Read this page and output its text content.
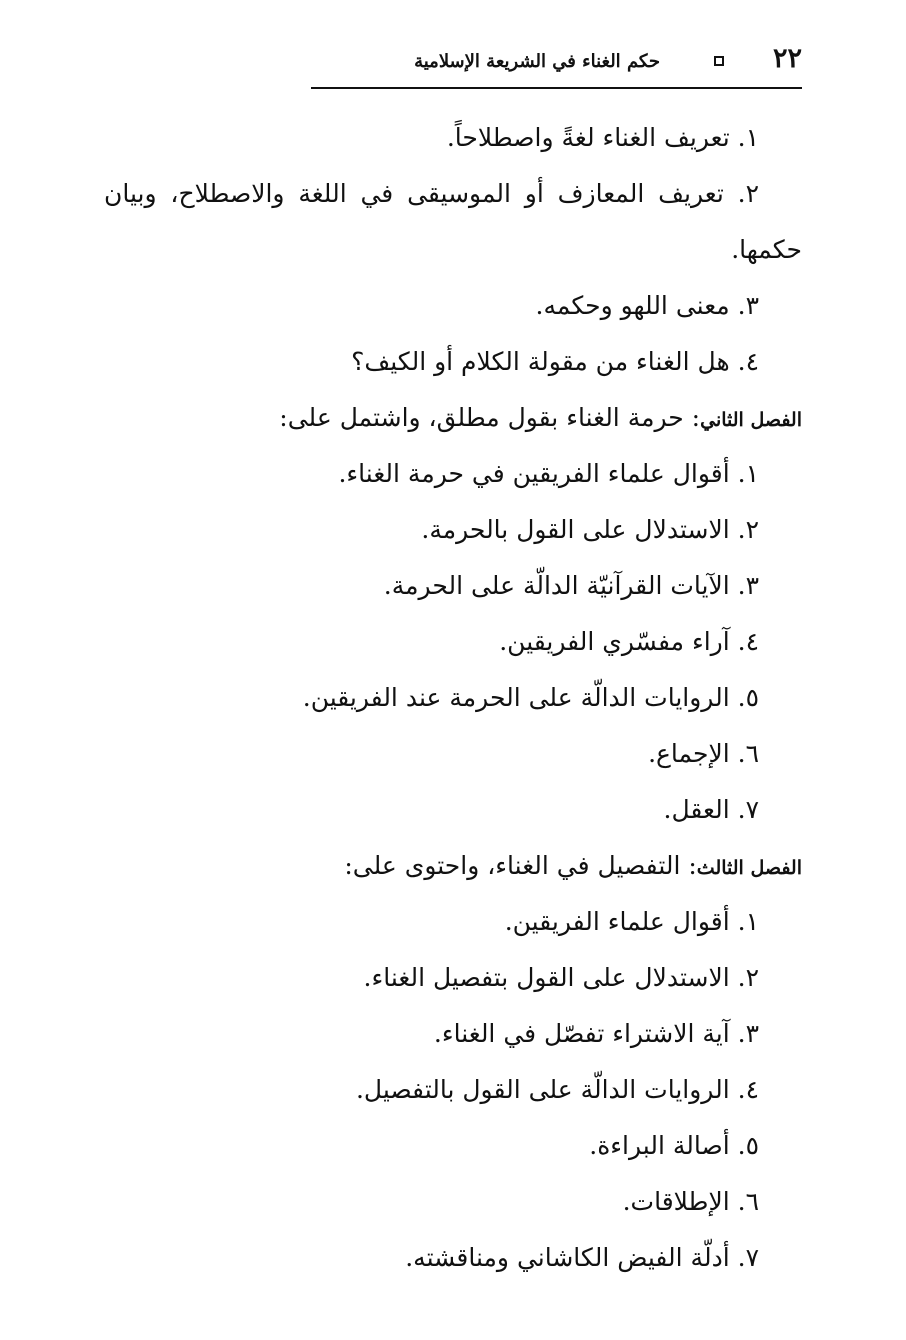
٢٢
حكم الغناء في الشريعة الإسلامية
١. تعريف الغناء لغةً واصطلاحاً.
٢. تعريف المعازف أو الموسيقى في اللغة والاصطلاح، وبيان
حكمها.
٣. معنى اللهو وحكمه.
٤. هل الغناء من مقولة الكلام أو الكيف؟
الفصل الثاني: حرمة الغناء بقول مطلق، واشتمل على:
١. أقوال علماء الفريقين في حرمة الغناء.
٢. الاستدلال على القول بالحرمة.
٣. الآيات القرآنيّة الدالّة على الحرمة.
٤. آراء مفسّري الفريقين.
٥. الروايات الدالّة على الحرمة عند الفريقين.
٦. الإجماع.
٧. العقل.
الفصل الثالث: التفصيل في الغناء، واحتوى على:
١. أقوال علماء الفريقين.
٢. الاستدلال على القول بتفصيل الغناء.
٣. آية الاشتراء تفصّل في الغناء.
٤. الروايات الدالّة على القول بالتفصيل.
٥. أصالة البراءة.
٦. الإطلاقات.
٧. أدلّة الفيض الكاشاني ومناقشته.
